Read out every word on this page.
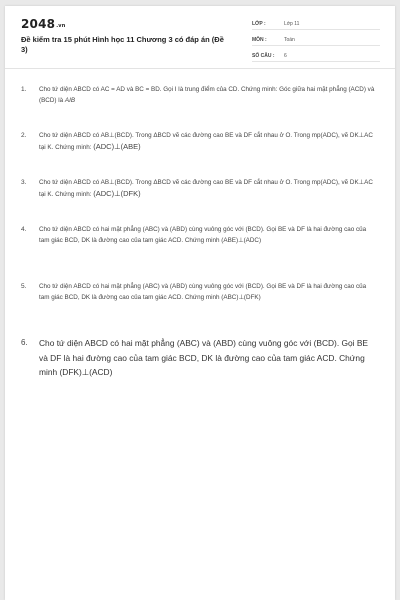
2048.vn
Đề kiểm tra 15 phút Hình học 11 Chương 3 có đáp án (Đề 3)
LỚP :	Lớp 11
MÔN :	Toán
SỐ CÂU :	6
1.	Cho tứ diện ABCD có AC = AD và BC = BD. Gọi I là trung điểm của CD. Chứng minh: Góc giữa hai mặt phẳng (ACD) và (BCD) là AIB
2.	Cho tứ diện ABCD có AB⊥(BCD). Trong ΔBCD vẽ các đường cao BE và DF cắt nhau ở O. Trong mp(ADC), vẽ DK⊥AC tại K. Chứng minh: (ADC)⊥(ABE)
3.	Cho tứ diện ABCD có AB⊥(BCD). Trong ΔBCD vẽ các đường cao BE và DF cắt nhau ở O. Trong mp(ADC), vẽ DK⊥AC tại K. Chứng minh: (ADC)⊥(DFK)
4.	Cho tứ diện ABCD có hai mặt phẳng (ABC) và (ABD) cùng vuông góc với (BCD). Gọi BE và DF là hai đường cao của tam giác BCD, DK là đường cao của tam giác ACD. Chứng minh (ABE)⊥(ADC)
5.	Cho tứ diện ABCD có hai mặt phẳng (ABC) và (ABD) cùng vuông góc với (BCD). Gọi BE và DF là hai đường cao của tam giác BCD, DK là đường cao của tam giác ACD. Chứng minh (ABC)⊥(DFK)
6.	Cho tứ diện ABCD có hai mặt phẳng (ABC) và (ABD) cùng vuông góc với (BCD). Gọi BE và DF là hai đường cao của tam giác BCD, DK là đường cao của tam giác ACD. Chứng minh (DFK)⊥(ACD)
